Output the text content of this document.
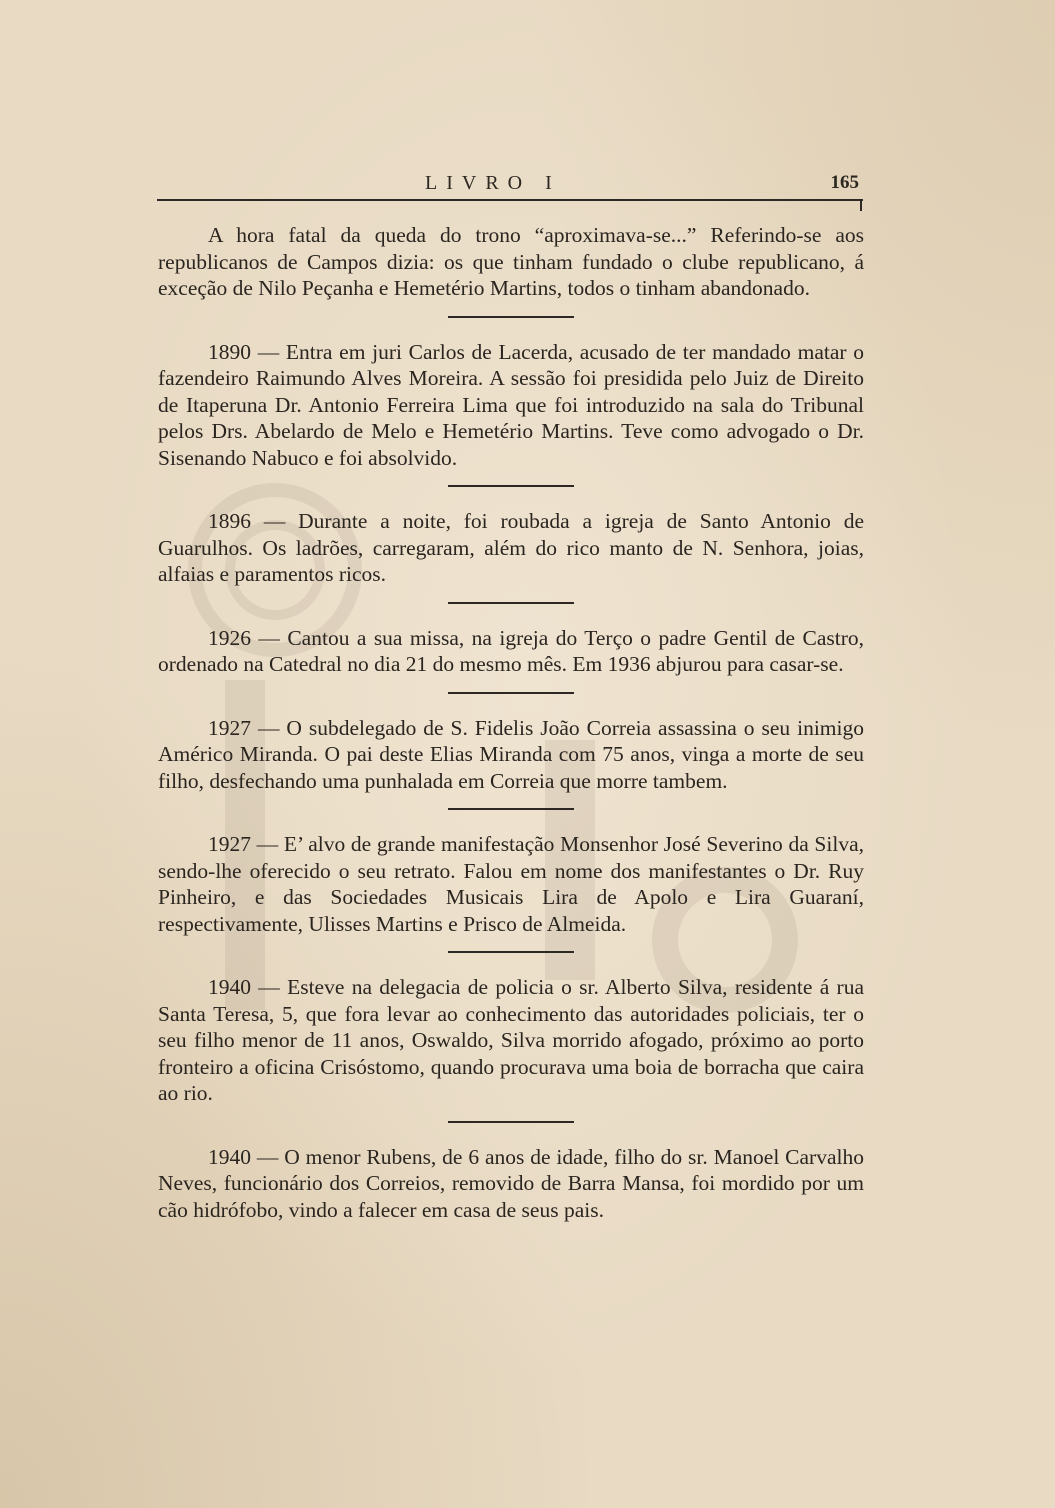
LIVRO I	165

A hora fatal da queda do trono “aproximava-se...” Referindo-se aos republicanos de Campos dizia: os que tinham fundado o clube republicano, á exceção de Nilo Peçanha e Hemetério Martins, todos o tinham abandonado.

1890 — Entra em juri Carlos de Lacerda, acusado de ter mandado matar o fazendeiro Raimundo Alves Moreira. A sessão foi presidida pelo Juiz de Direito de Itaperuna Dr. Antonio Ferreira Lima que foi introduzido na sala do Tribunal pelos Drs. Abelardo de Melo e Hemetério Martins. Teve como advogado o Dr. Sisenando Nabuco e foi absolvido.

1896 — Durante a noite, foi roubada a igreja de Santo Antonio de Guarulhos. Os ladrões, carregaram, além do rico manto de N. Senhora, joias, alfaias e paramentos ricos.

1926 — Cantou a sua missa, na igreja do Terço o padre Gentil de Castro, ordenado na Catedral no dia 21 do mesmo mês. Em 1936 abjurou para casar-se.

1927 — O subdelegado de S. Fidelis João Correia assassina o seu inimigo Américo Miranda. O pai deste Elias Miranda com 75 anos, vinga a morte de seu filho, desfechando uma punhalada em Correia que morre tambem.

1927 — E’ alvo de grande manifestação Monsenhor José Severino da Silva, sendo-lhe oferecido o seu retrato. Falou em nome dos manifestantes o Dr. Ruy Pinheiro, e das Sociedades Musicais Lira de Apolo e Lira Guaraní, respectivamente, Ulisses Martins e Prisco de Almeida.

1940 — Esteve na delegacia de policia o sr. Alberto Silva, residente á rua Santa Teresa, 5, que fora levar ao conhecimento das autoridades policiais, ter o seu filho menor de 11 anos, Oswaldo, Silva morrido afogado, próximo ao porto fronteiro a oficina Crisóstomo, quando procurava uma boia de borracha que caira ao rio.

1940 — O menor Rubens, de 6 anos de idade, filho do sr. Manoel Carvalho Neves, funcionário dos Correios, removido de Barra Mansa, foi mordido por um cão hidrófobo, vindo a falecer em casa de seus pais.
